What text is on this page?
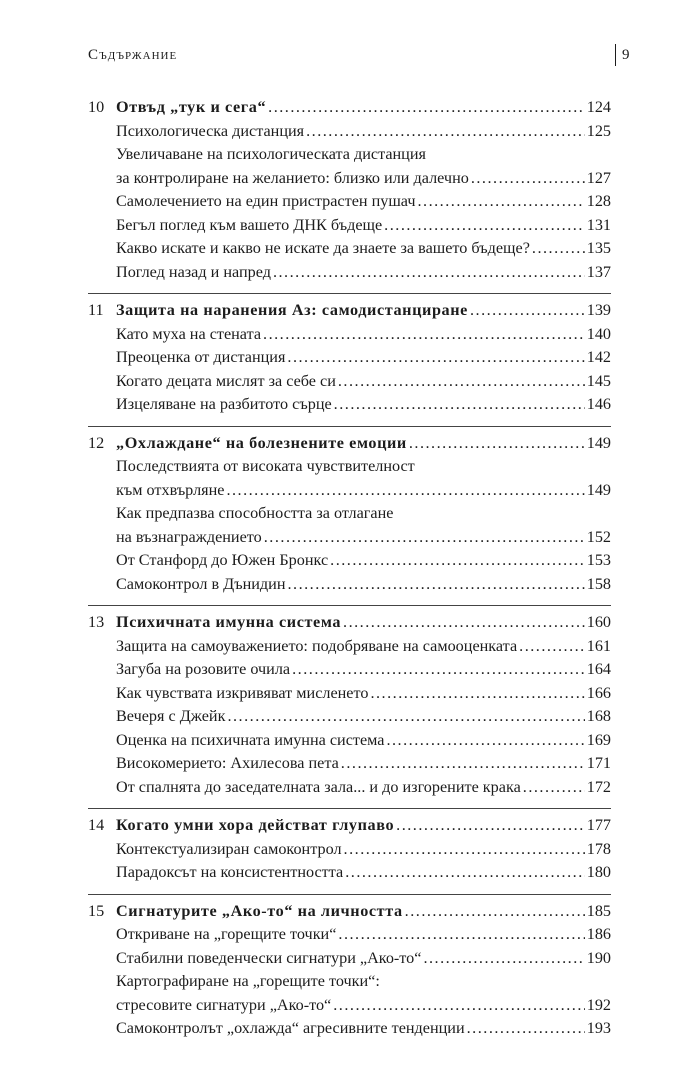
Съдържание	9
10 Отвъд „тук и сега“ .....	124
Психологическа дистанция .....	125
Увеличаване на психологическата дистанция
за контролиране на желанието: близко или далечно .....	127
Самолечението на един пристрастен пушач .....	128
Бегъл поглед към вашето ДНК бъдеще .....	131
Какво искате и какво не искате да знаете за вашето бъдеще? .....	135
Поглед назад и напред .....	137
11 Защита на наранения Аз: самодистанциране .....	139
Като муха на стената .....	140
Преоценка от дистанция .....	142
Когато децата мислят за себе си .....	145
Изцеляване на разбитото сърце .....	146
12 „Охлаждане“ на болезнените емоции .....	149
Последствията от високата чувствителност
към отхвърляне .....	149
Как предпазва способността за отлагане
на възнаграждението .....	152
От Станфорд до Южен Бронкс .....	153
Самоконтрол в Дънидин .....	158
13 Психичната имунна система .....	160
Защита на самоуважението: подобряване на самооценката .....	161
Загуба на розовите очила .....	164
Как чувствата изкривяват мисленето .....	166
Вечеря с Джейк .....	168
Оценка на психичната имунна система .....	169
Високомерието: Ахилесова пета .....	171
От спалнята до заседателната зала... и до изгорените крака .....	172
14 Когато умни хора действат глупаво .....	177
Контекстуализиран самоконтрол .....	178
Парадоксът на консистентността .....	180
15 Сигнатурите „Ако-то“ на личността .....	185
Откриване на „горещите точки“ .....	186
Стабилни поведенчески сигнатури „Ако-то“ .....	190
Картографиране на „горещите точки“:
стресовите сигнатури „Ако-то“ .....	192
Самоконтролът „охлажда“ агресивните тенденции .....	193
